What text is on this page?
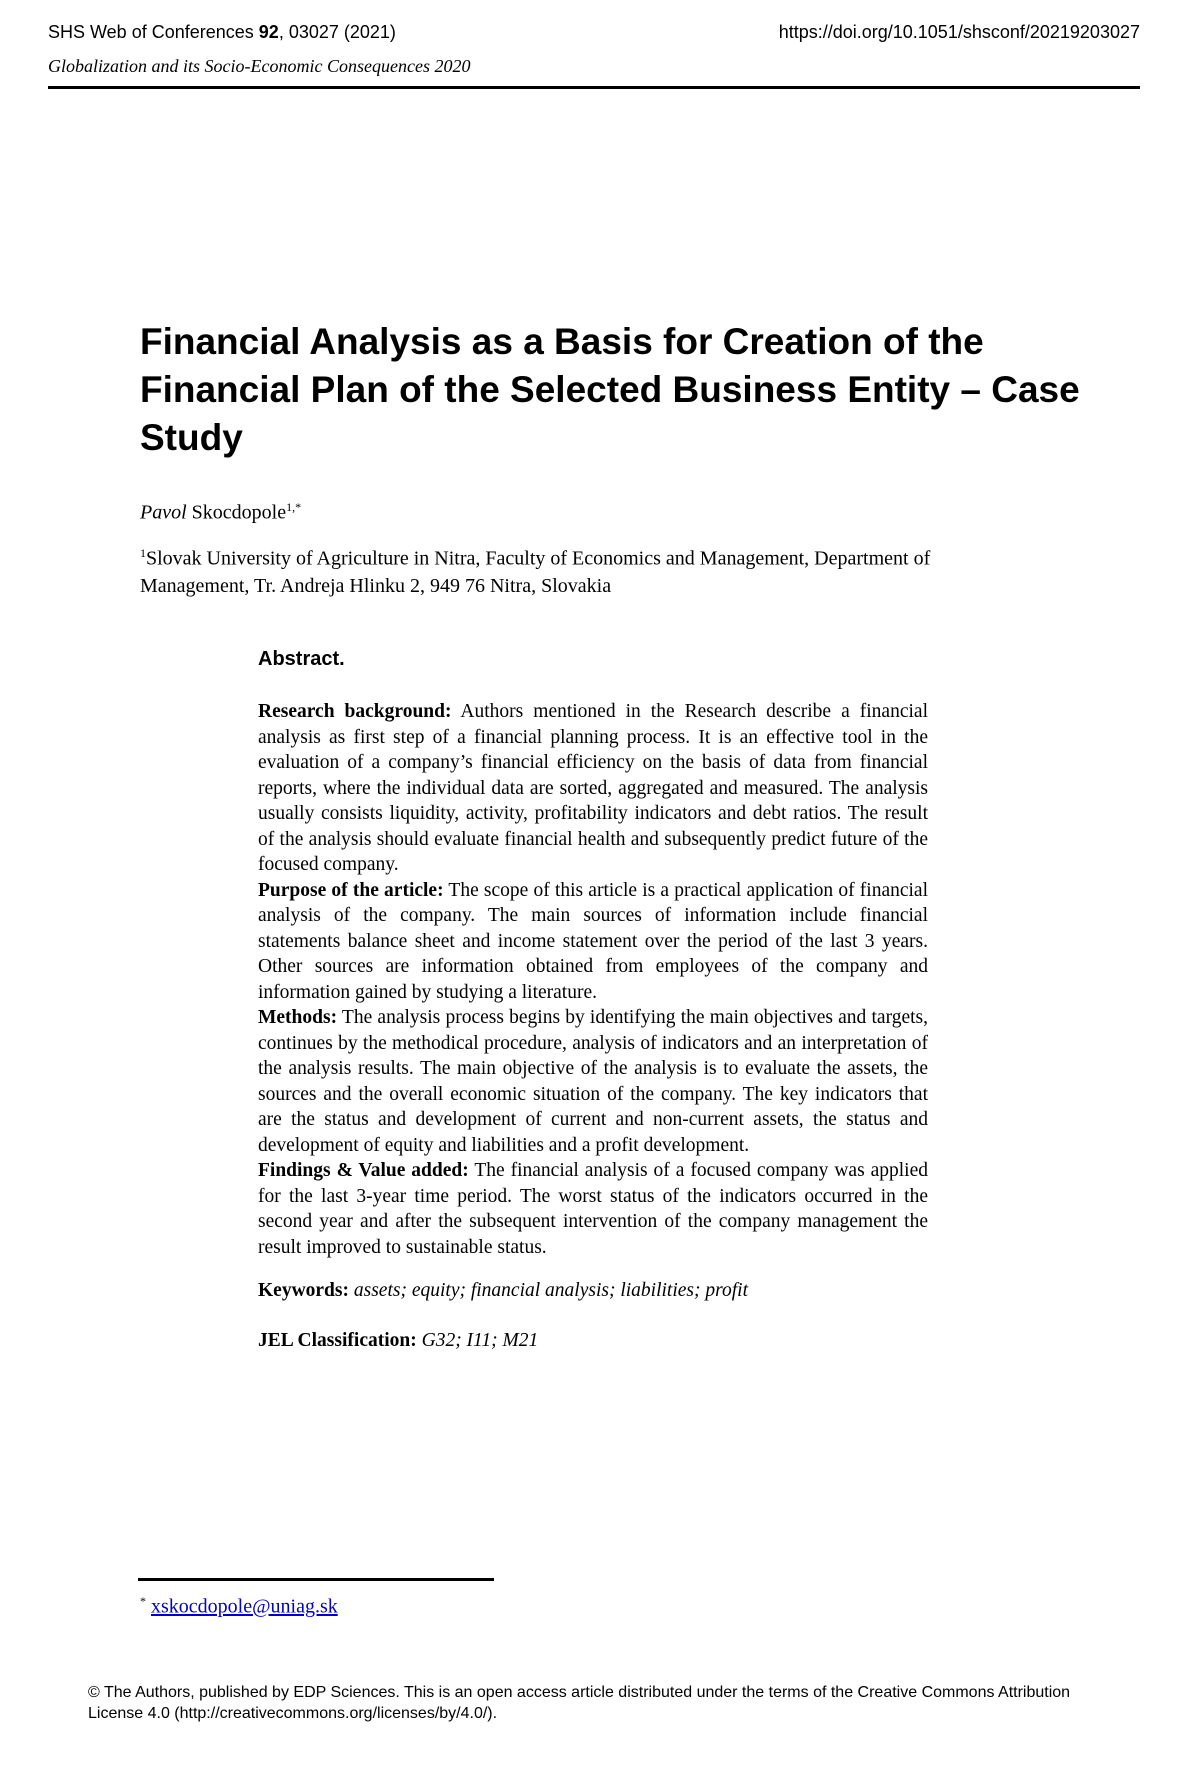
SHS Web of Conferences 92, 03027 (2021)	https://doi.org/10.1051/shsconf/20219203027
Globalization and its Socio-Economic Consequences 2020
Financial Analysis as a Basis for Creation of the Financial Plan of the Selected Business Entity – Case Study
Pavol Skocdopole$^{1,*}$
$^1$Slovak University of Agriculture in Nitra, Faculty of Economics and Management, Department of Management, Tr. Andreja Hlinku 2, 949 76 Nitra, Slovakia
Abstract.

Research background: Authors mentioned in the Research describe a financial analysis as first step of a financial planning process. It is an effective tool in the evaluation of a company’s financial efficiency on the basis of data from financial reports, where the individual data are sorted, aggregated and measured. The analysis usually consists liquidity, activity, profitability indicators and debt ratios. The result of the analysis should evaluate financial health and subsequently predict future of the focused company.

Purpose of the article: The scope of this article is a practical application of financial analysis of the company. The main sources of information include financial statements balance sheet and income statement over the period of the last 3 years. Other sources are information obtained from employees of the company and information gained by studying a literature.

Methods: The analysis process begins by identifying the main objectives and targets, continues by the methodical procedure, analysis of indicators and an interpretation of the analysis results. The main objective of the analysis is to evaluate the assets, the sources and the overall economic situation of the company. The key indicators that are the status and development of current and non-current assets, the status and development of equity and liabilities and a profit development.

Findings & Value added: The financial analysis of a focused company was applied for the last 3-year time period. The worst status of the indicators occurred in the second year and after the subsequent intervention of the company management the result improved to sustainable status.

Keywords: assets; equity; financial analysis; liabilities; profit
JEL Classification: G32; I11; M21
* xskocdopole@uniag.sk
© The Authors, published by EDP Sciences. This is an open access article distributed under the terms of the Creative Commons Attribution License 4.0 (http://creativecommons.org/licenses/by/4.0/).
